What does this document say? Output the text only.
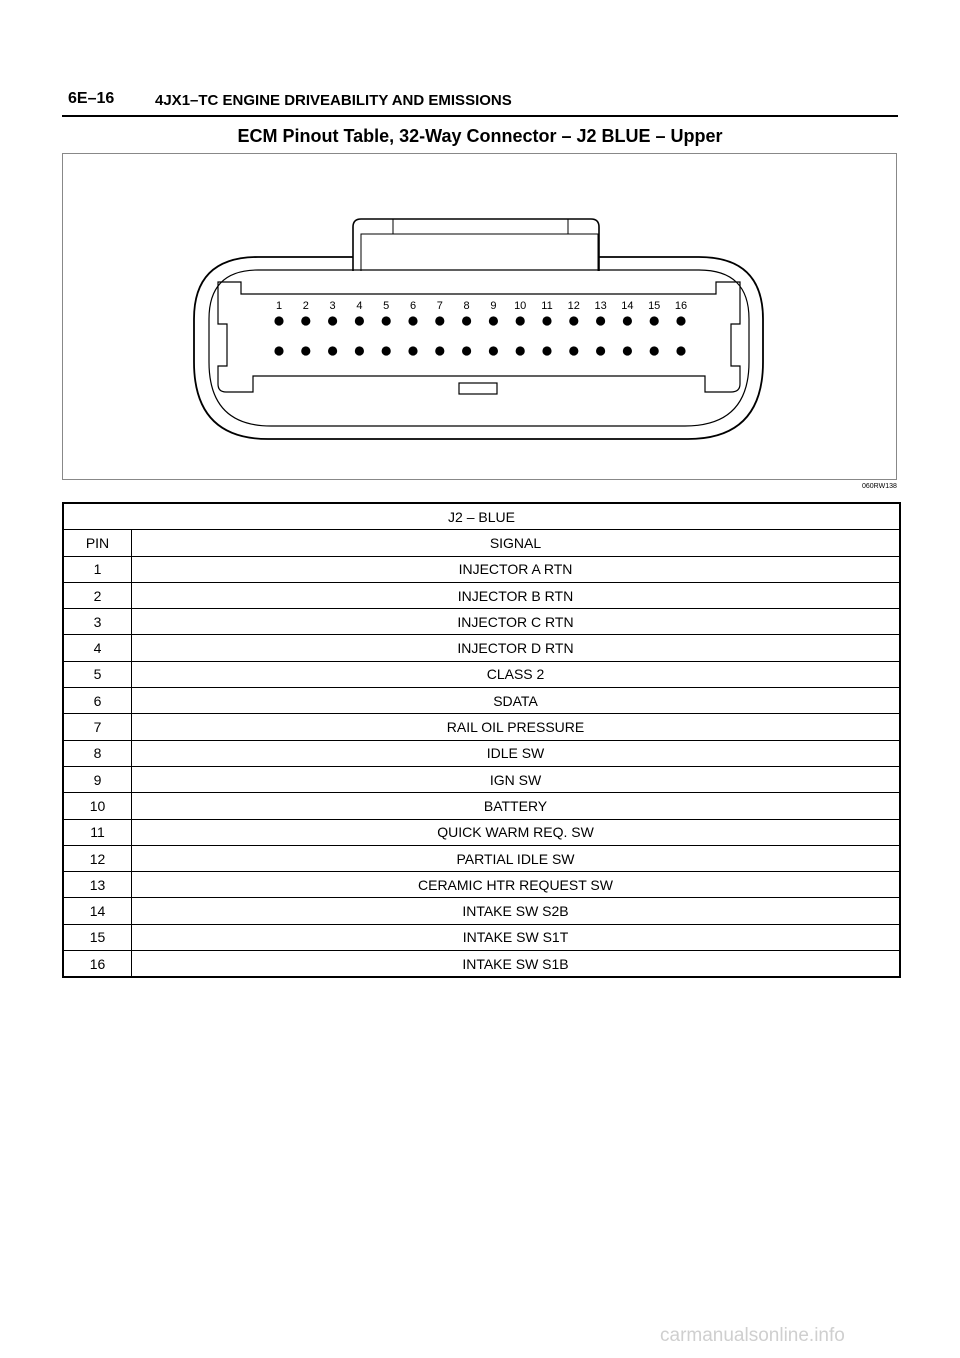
6E–16	4JX1–TC ENGINE DRIVEABILITY AND EMISSIONS
ECM Pinout Table, 32-Way Connector – J2 BLUE – Upper
1 2 3 4 5 6 7 8 9 10 11 12 13 14 15 16
060RW138
J2 – BLUE	
PIN	SIGNAL
1	INJECTOR A RTN
2	INJECTOR B RTN
3	INJECTOR C RTN
4	INJECTOR D RTN
5	CLASS 2
6	SDATA
7	RAIL OIL PRESSURE
8	IDLE SW
9	IGN SW
10	BATTERY
11	QUICK WARM REQ. SW
12	PARTIAL IDLE SW
13	CERAMIC HTR REQUEST SW
14	INTAKE SW S2B
15	INTAKE SW S1T
16	INTAKE SW S1B
carmanualsonline.info
